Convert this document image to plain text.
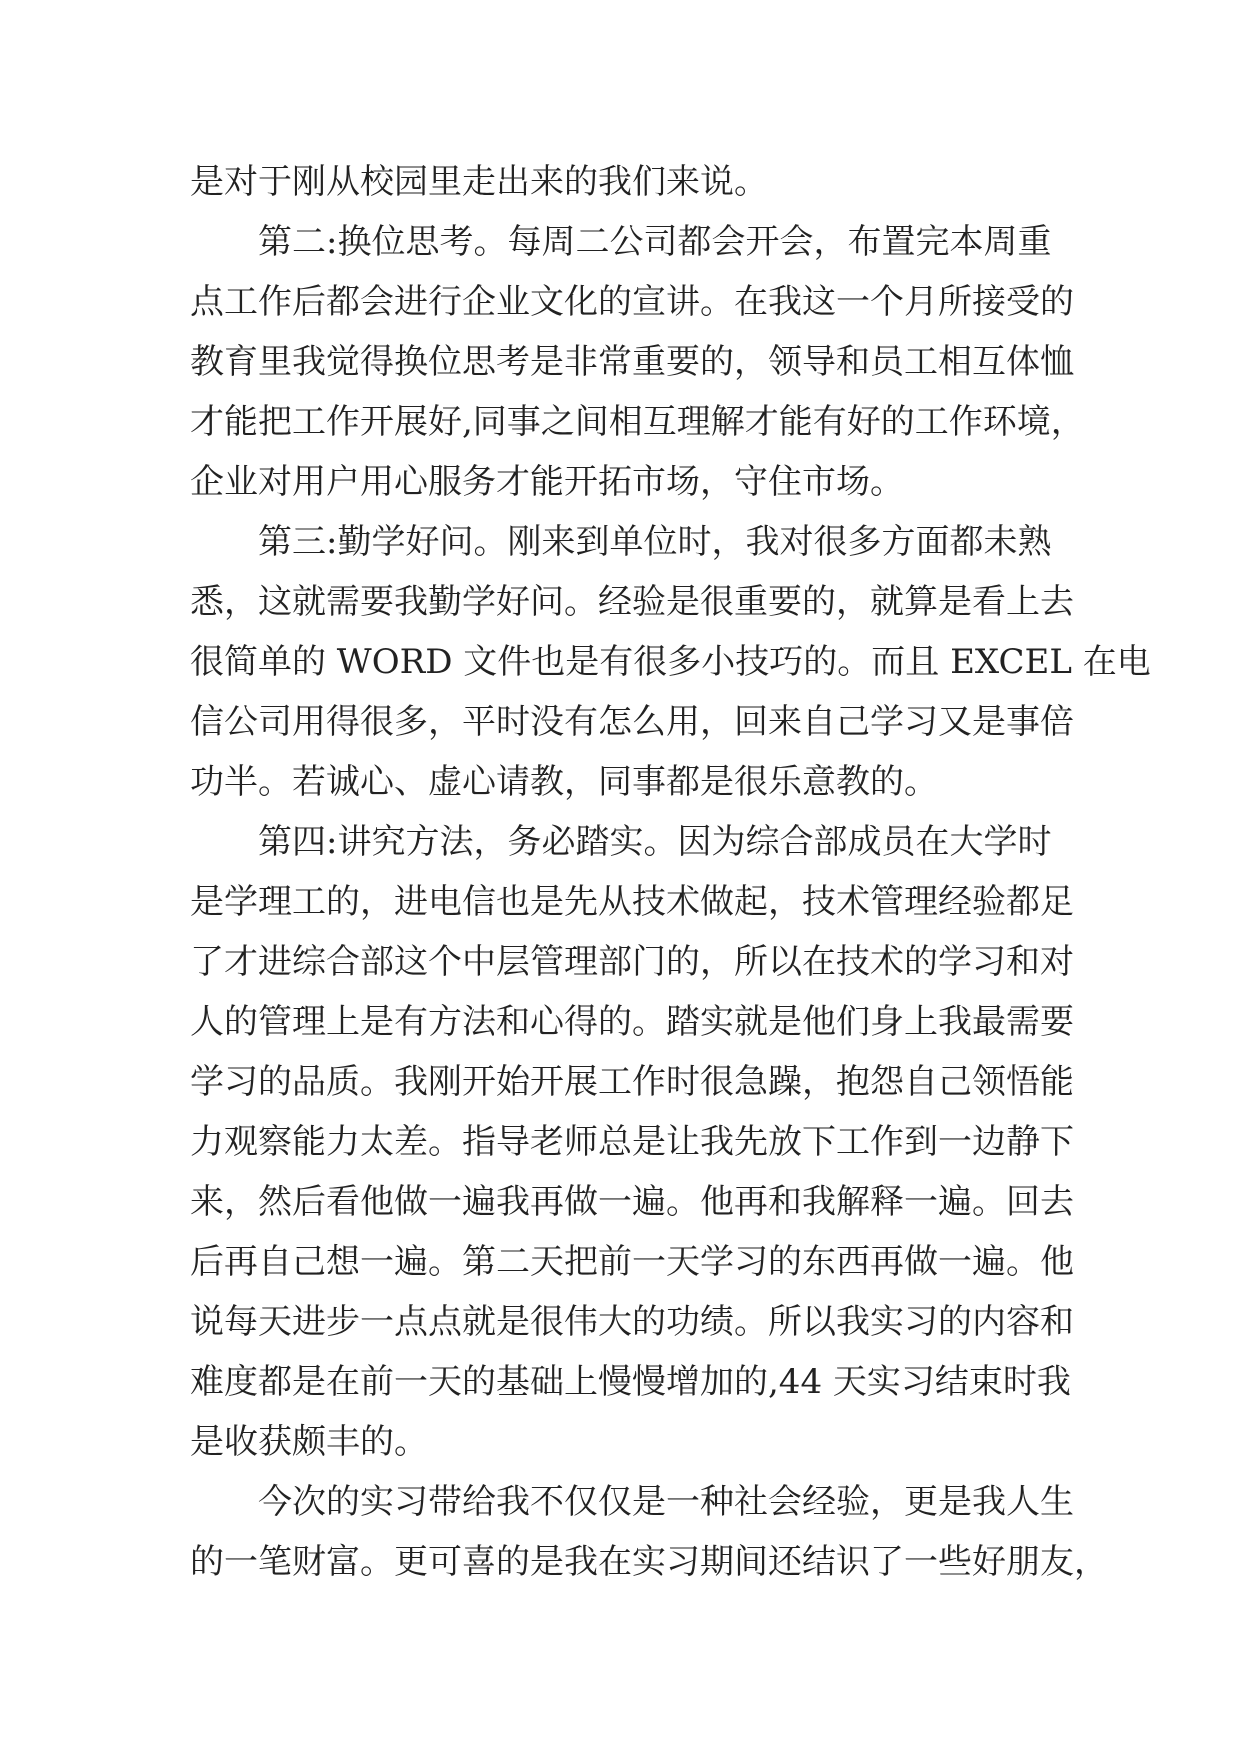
是对于刚从校园里走出来的我们来说。
第二:换位思考。每周二公司都会开会，布置完本周重
点工作后都会进行企业文化的宣讲。在我这一个月所接受的
教育里我觉得换位思考是非常重要的，领导和员工相互体恤
才能把工作开展好,同事之间相互理解才能有好的工作环境，
企业对用户用心服务才能开拓市场，守住市场。
第三:勤学好问。刚来到单位时，我对很多方面都未熟
悉，这就需要我勤学好问。经验是很重要的，就算是看上去
很简单的 WORD 文件也是有很多小技巧的。而且 EXCEL 在电
信公司用得很多，平时没有怎么用，回来自己学习又是事倍
功半。若诚心、虚心请教，同事都是很乐意教的。
第四:讲究方法，务必踏实。因为综合部成员在大学时
是学理工的，进电信也是先从技术做起，技术管理经验都足
了才进综合部这个中层管理部门的，所以在技术的学习和对
人的管理上是有方法和心得的。踏实就是他们身上我最需要
学习的品质。我刚开始开展工作时很急躁，抱怨自己领悟能
力观察能力太差。指导老师总是让我先放下工作到一边静下
来，然后看他做一遍我再做一遍。他再和我解释一遍。回去
后再自己想一遍。第二天把前一天学习的东西再做一遍。他
说每天进步一点点就是很伟大的功绩。所以我实习的内容和
难度都是在前一天的基础上慢慢增加的,44 天实习结束时我
是收获颇丰的。
今次的实习带给我不仅仅是一种社会经验，更是我人生
的一笔财富。更可喜的是我在实习期间还结识了一些好朋友，
